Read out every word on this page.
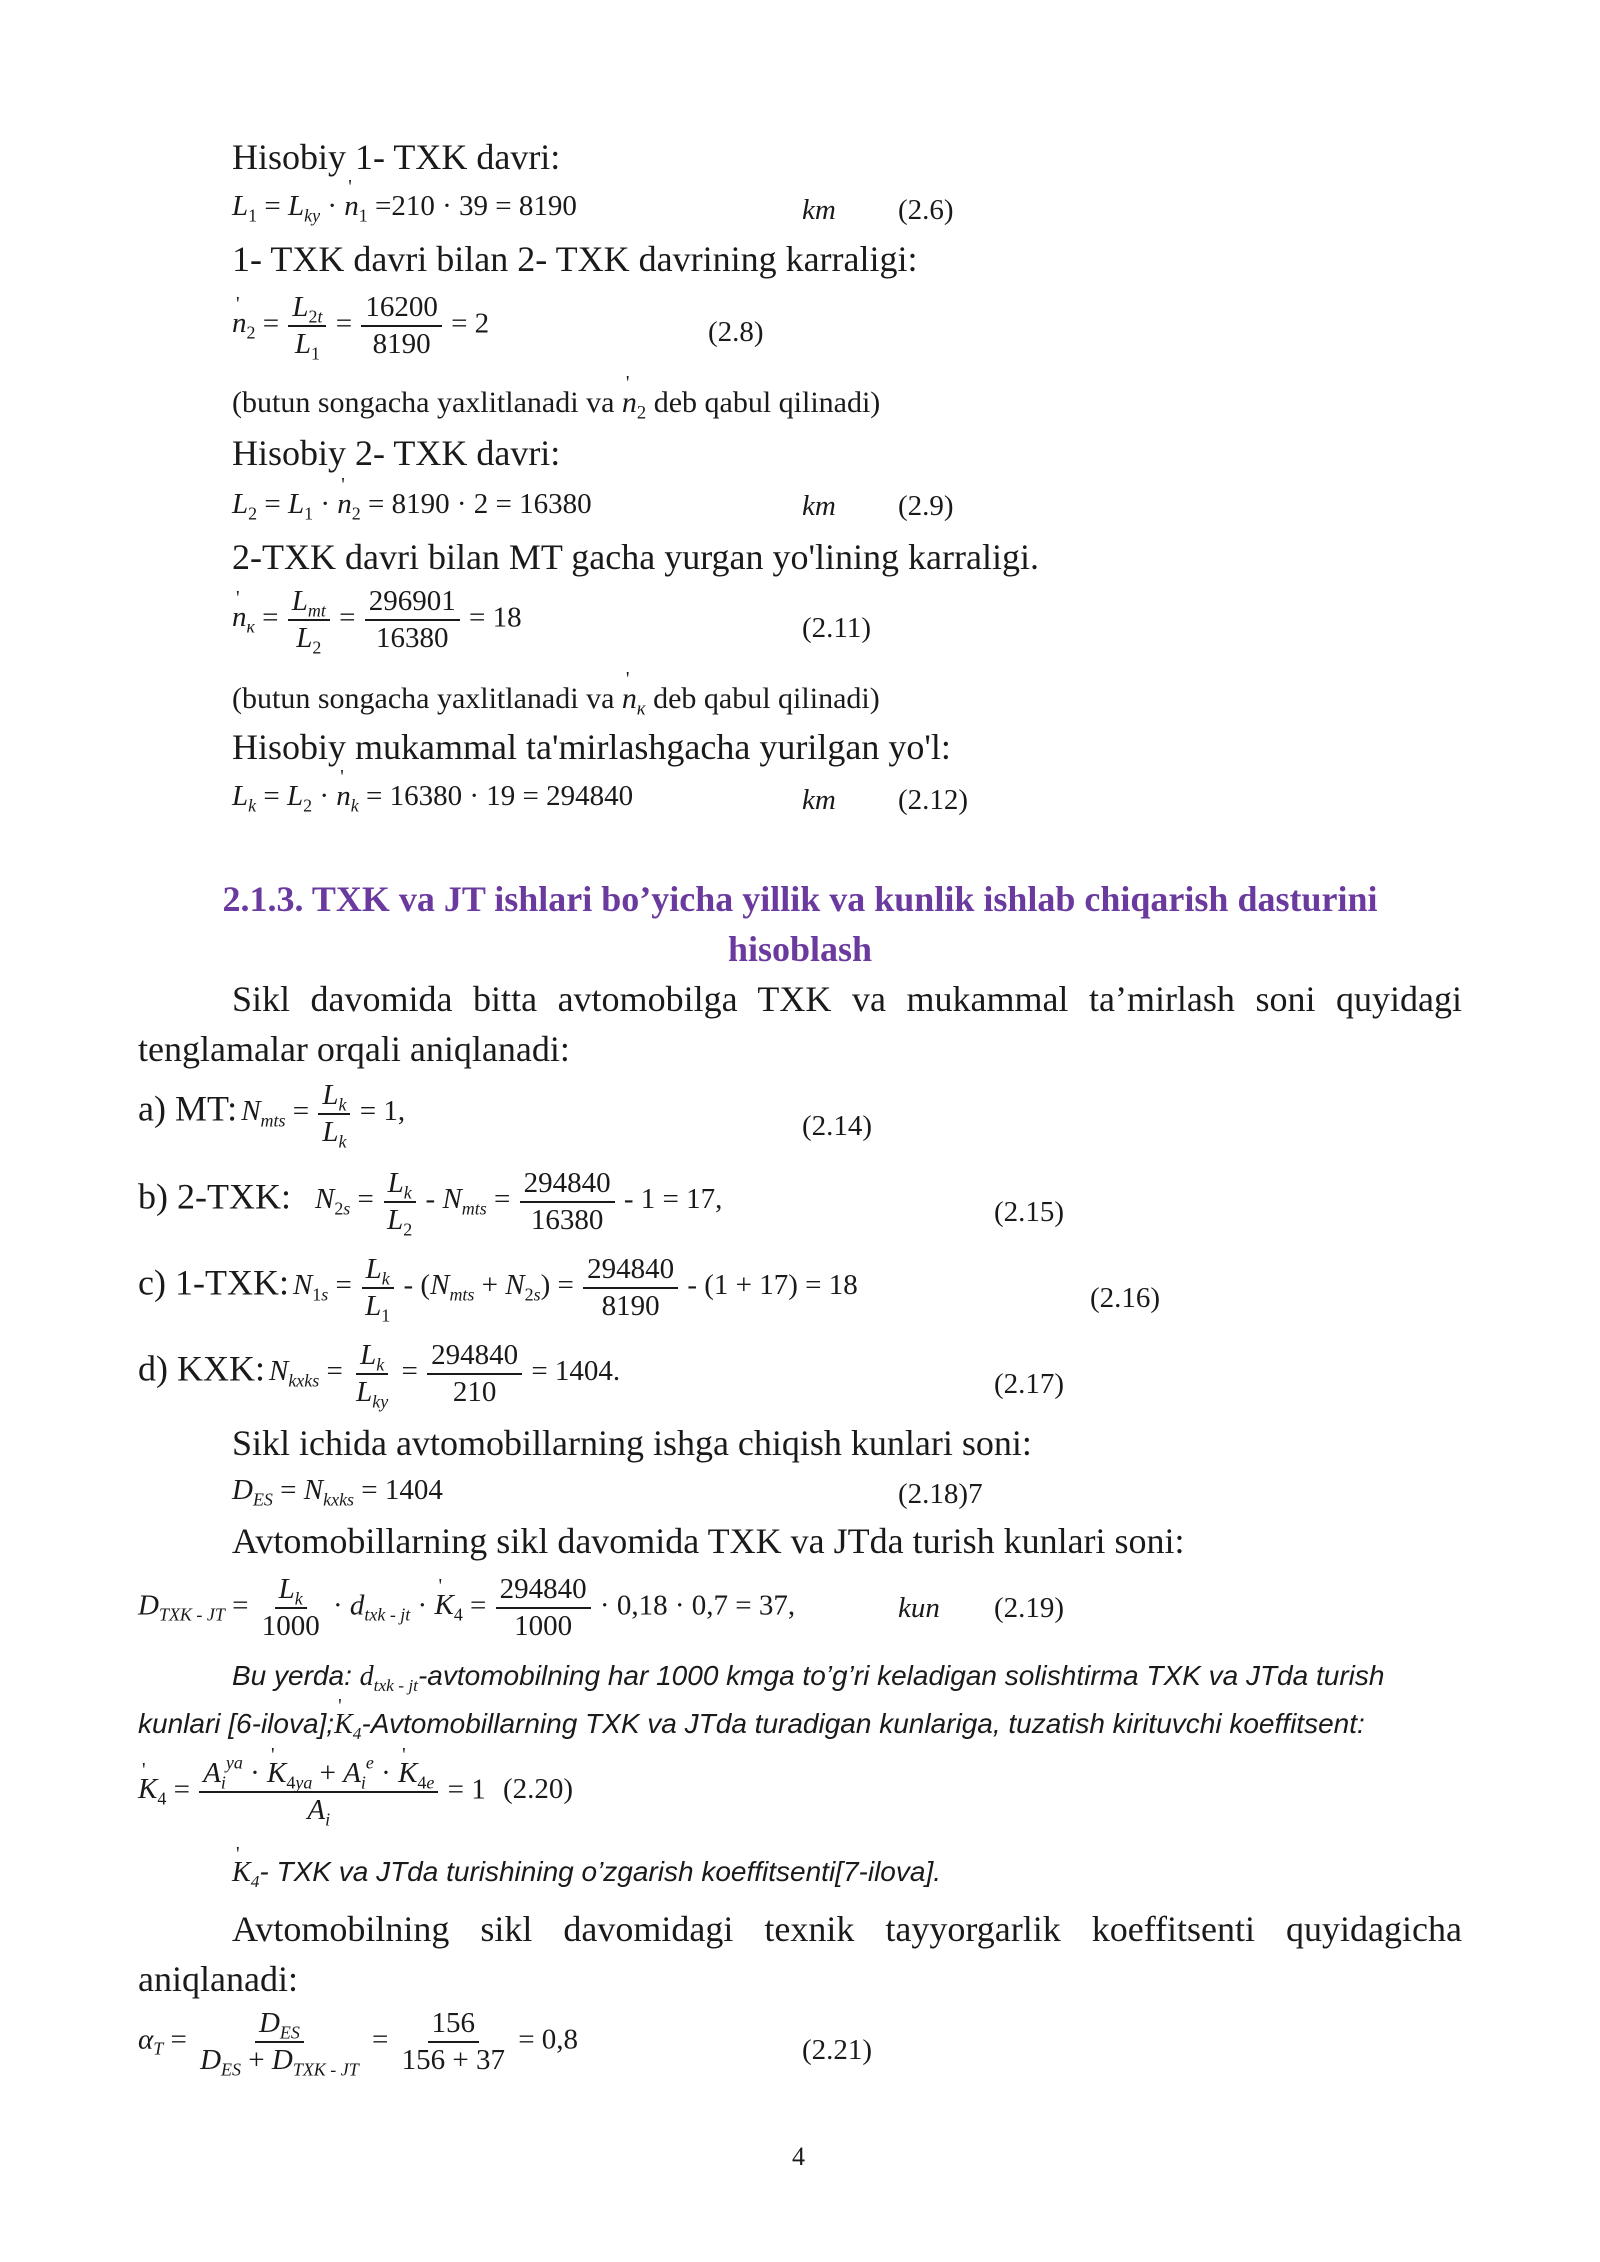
Hisobiy 1- TXK davri:
$L_1 = L_{ky} \cdot n$ '$_1 =210 \cdot 39 = 8190$	km (2.6)
1- TXK davri bilan 2- TXK davrining karraligi:
n '$_2 = \frac{L_{2t}}{L_1} = \frac{16200}{8190} = 2$	(2.8)
(butun songacha yaxlitlanadi va n '$_2$ deb qabul qilinadi)
Hisobiy 2- TXK davri:
$L_2 = L_1 \cdot n$ '$_2 = 8190 \cdot 2 = 16380$	km (2.9)
2-TXK davri bilan MT gacha yurgan yo'lining karraligi.
n '$_к = \frac{L_{mt}}{L_2} = \frac{296901}{16380} = 18$	(2.11)
(butun songacha yaxlitlanadi va n '$_к$ deb qabul qilinadi)
Hisobiy mukammal ta'mirlashgacha yurilgan yo'l:
$L_k = L_2 \cdot n$ '$_k = 16380 \cdot 19 = 294840$	km (2.12)
2.1.3. TXK va JT ishlari bo’yicha yillik va kunlik ishlab chiqarish dasturini
hisoblash
Sikl davomida bitta avtomobilga TXK va mukammal ta’mirlash soni quyidagi
tenglamalar orqali aniqlanadi:
a) MT: $N_{mts} = \frac{L_k}{L_k} = 1$,	(2.14)
b) 2-TXK: $N_{2s} = \frac{L_k}{L_2} - N_{mts} = \frac{294840}{16380} - 1 = 17$,	(2.15)
c) 1-TXK: $N_{1s} = \frac{L_k}{L_1} - (N_{mts} + N_{2s}) = \frac{294840}{8190} - (1 + 17) = 18$	(2.16)
d) KXK: $N_{kxks} = \frac{L_k}{L_{ky}} = \frac{294840}{210} = 1404$.	(2.17)
Sikl ichida avtomobillarning ishga chiqish kunlari soni:
$D_{ES} = N_{kxks} = 1404$	(2.18)7
Avtomobillarning sikl davomida TXK va JTda turish kunlari soni:
$D_{TXK - JT} = \frac{L_k}{1000} \cdot d_{txk - jt} \cdot K$ '$_4 = \frac{294840}{1000} \cdot 0,18 \cdot 0,7 = 37$,	kun (2.19)
Bu yerda: $d_{txk - jt}$-avtomobilning har 1000 kmga to’g’ri keladigan solishtirma TXK va JTda turish
kunlari [6-ilova];K '$_4$-Avtomobillarning TXK va JTda turadigan kunlariga, tuzatish kirituvchi koeffitsent:
K '$_4 = \frac{A_i^{ya} \cdot K '_{4ya} + A_i^e \cdot K '_{4e}}{A_i} = 1$ (2.20)
K '$_4-$ TXK va JTda turishining o’zgarish koeffitsenti[7-ilova].
Avtomobilning sikl davomidagi texnik tayyorgarlik koeffitsenti quyidagicha
aniqlanadi:
$\alpha_T = \frac{D_{ES}}{D_{ES} + D_{TXK - JT}} = \frac{156}{156 + 37} = 0,8$	(2.21)
4
